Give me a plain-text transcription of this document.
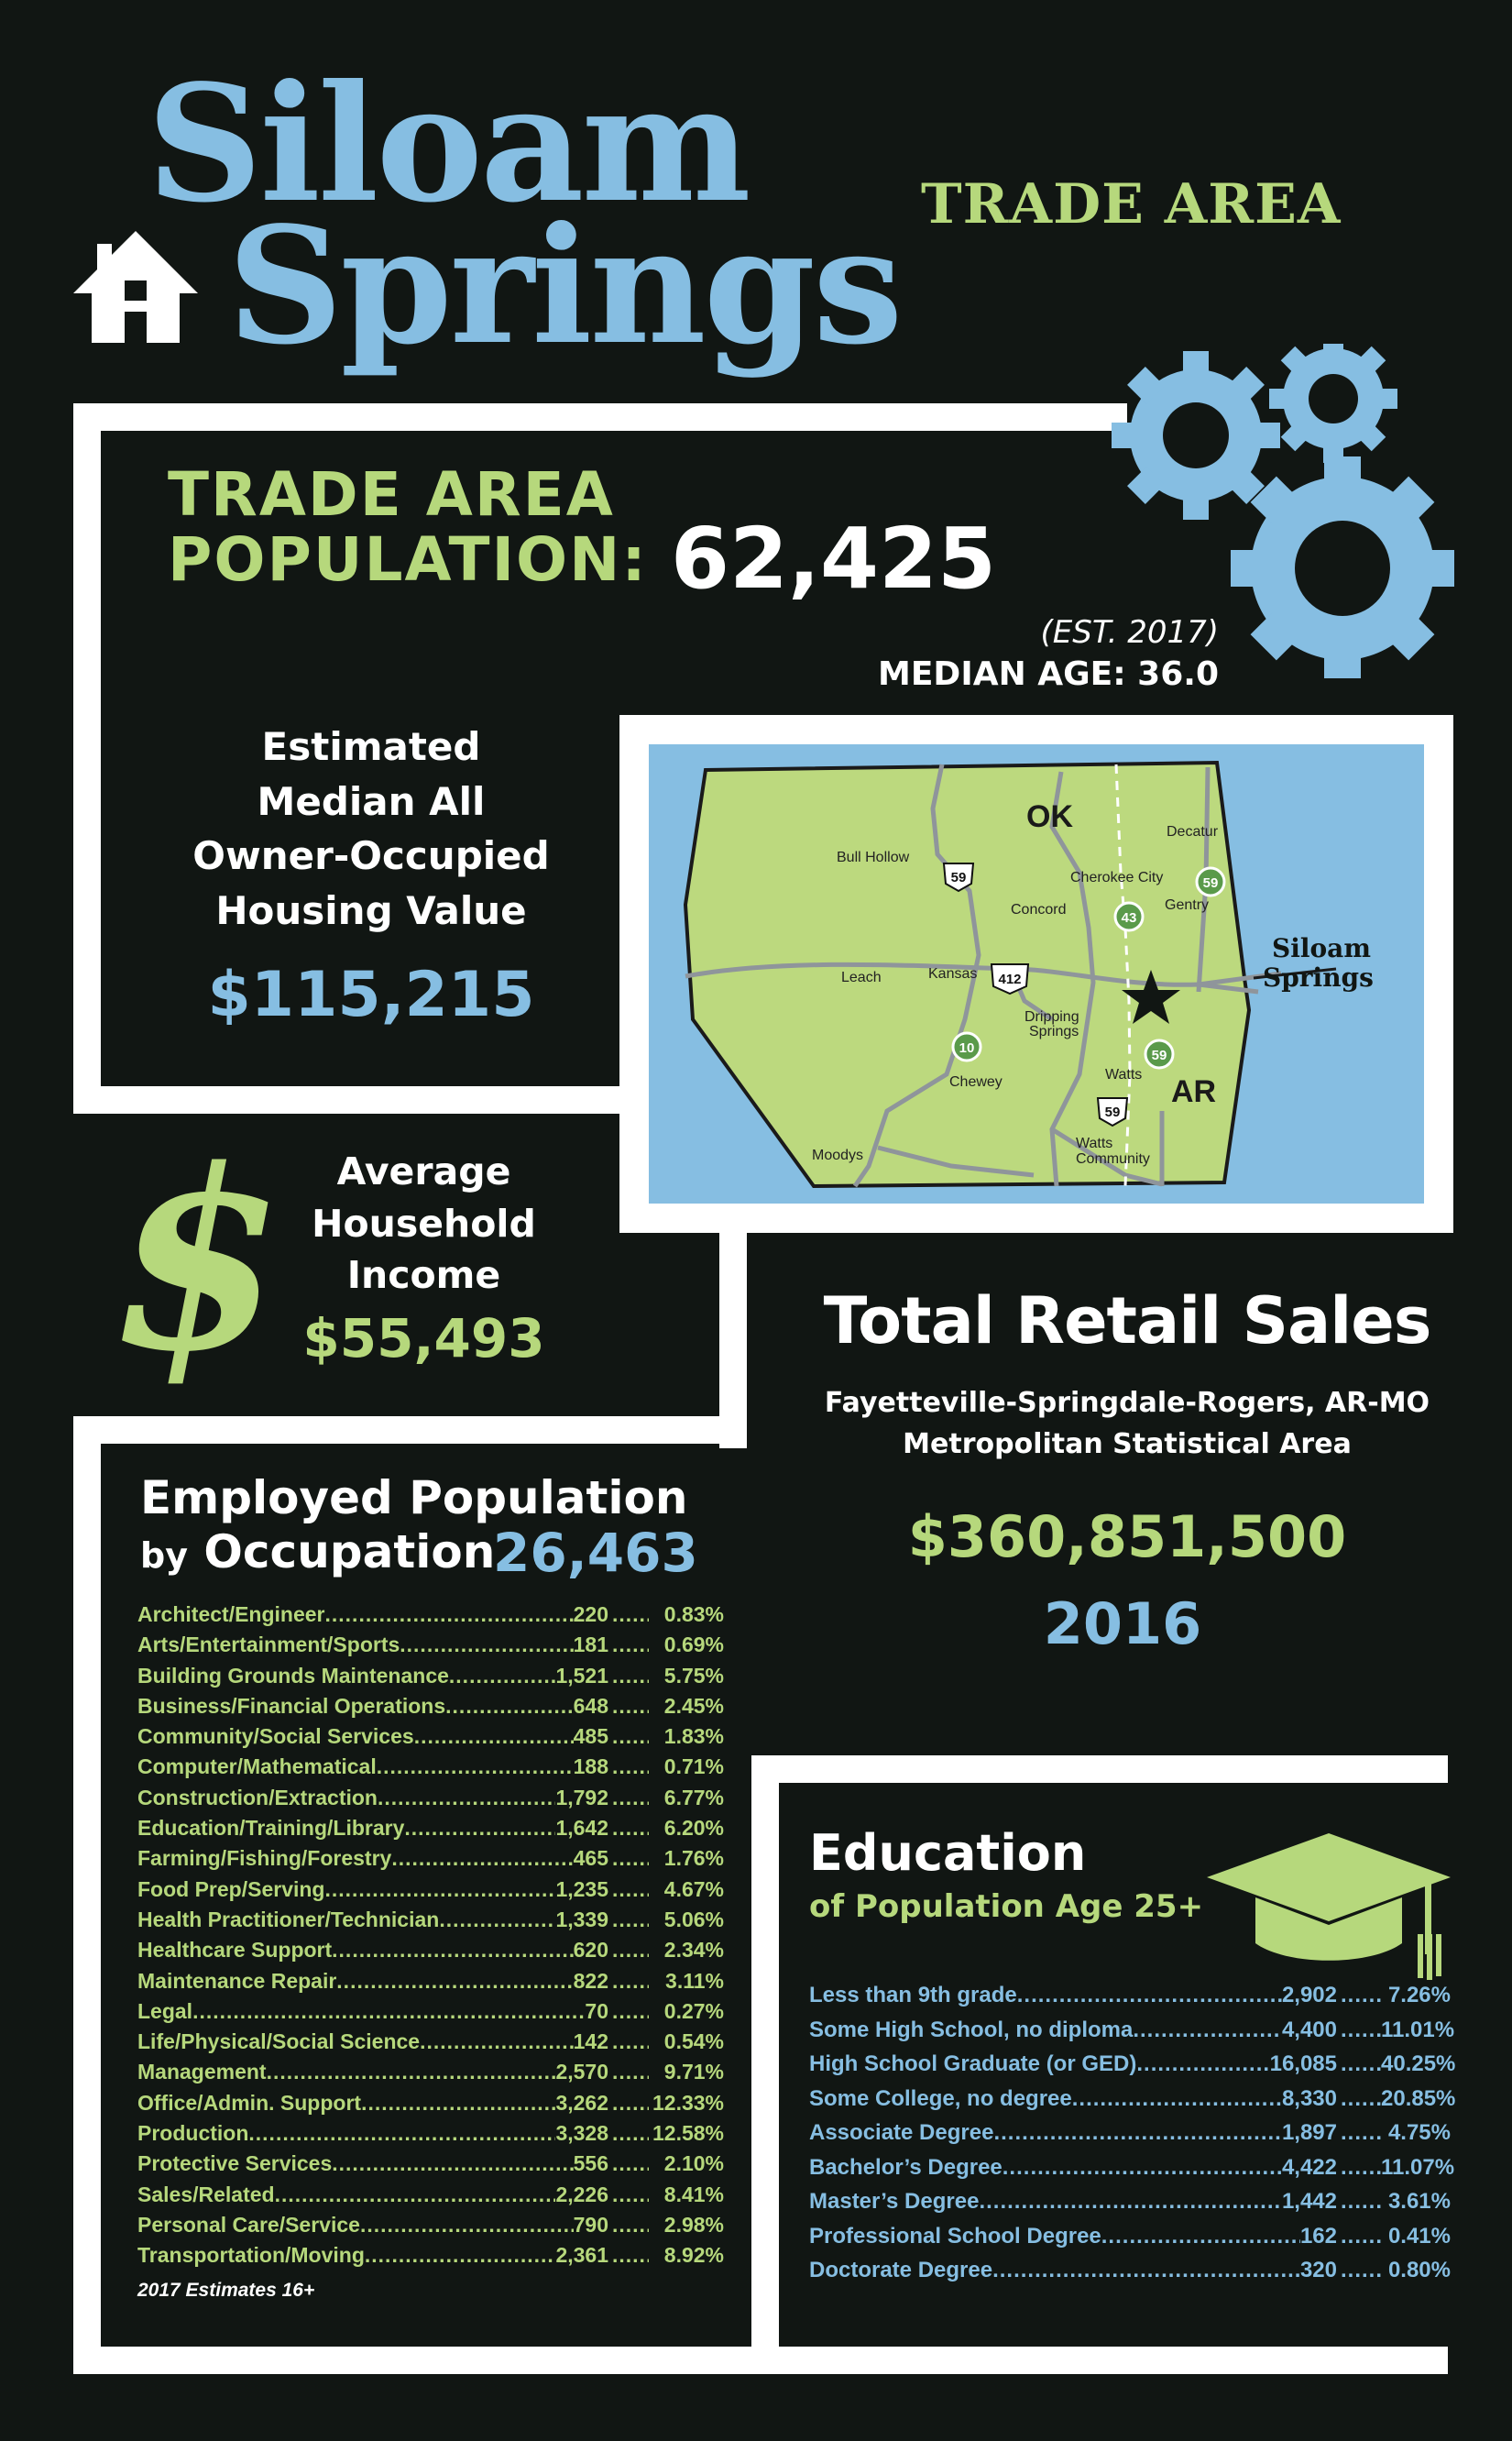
Siloam
Springs TRADE AREA
TRADE AREA
POPULATION: 62,425
(EST. 2017)
MEDIAN AGE: 36.0
Estimated
Median All
Owner-Occupied
Housing Value
$115,215
OK
AR
Bull Hollow
Concord
Cherokee City
Decatur
Gentry
Leach	Kansas
Dripping
Springs
Chewey	Watts
Watts
Community
Moodys
59
43
59
412
10	59
59
Siloam
Springs
$	Average
Household
Income
$55,493	Total Retail Sales
Fayetteville-Springdale-Rogers, AR-MO
Metropolitan Statistical Area
$360,851,500
2016
Employed Population
by Occupation
26,463
Architect/Engineer .....	220 .....	0.83%
Arts/Entertainment/Sports .....	181 .....	0.69%
Building Grounds Maintenance .....	1,521 .....	5.75%
Business/Financial Operations .....	648 .....	2.45%
Community/Social Services .....	485 .....	1.83%
Computer/Mathematical .....	188 .....	0.71%
Construction/Extraction .....	1,792 .....	6.77%
Education/Training/Library .....	1,642 .....	6.20%
Farming/Fishing/Forestry .....	465 .....	1.76%
Food Prep/Serving .....	1,235 .....	4.67%
Health Practitioner/Technician .....	1,339 .....	5.06%
Healthcare Support .....	620 .....	2.34%
Maintenance Repair .....	822 .....	3.11%
Legal .....	70 .....	0.27%
Life/Physical/Social Science .....	142 .....	0.54%
Management .....	2,570 .....	9.71%
Office/Admin. Support .....	3,262 ..... 12.33%
Production .....	3,328 ..... 12.58%
Protective Services .....	556 .....	2.10%
Sales/Related .....	2,226 .....	8.41%
Personal Care/Service .....	790 .....	2.98%
Transportation/Moving .....	2,361 .....	8.92%
2017 Estimates 16+
Education
of Population Age 25+
Less than 9th grade .....	2,902 .....	7.26%
Some High School, no diploma .....	4,400 ..... 11.01%
High School Graduate (or GED) .....	16,085 ..... 40.25%
Some College, no degree .....	8,330 ..... 20.85%
Associate Degree .....	1,897 .....	4.75%
Bachelor’s Degree .....	4,422 ..... 11.07%
Master’s Degree .....	1,442 .....	3.61%
Professional School Degree .....	162 .....	0.41%
Doctorate Degree .....	320 .....	0.80%
